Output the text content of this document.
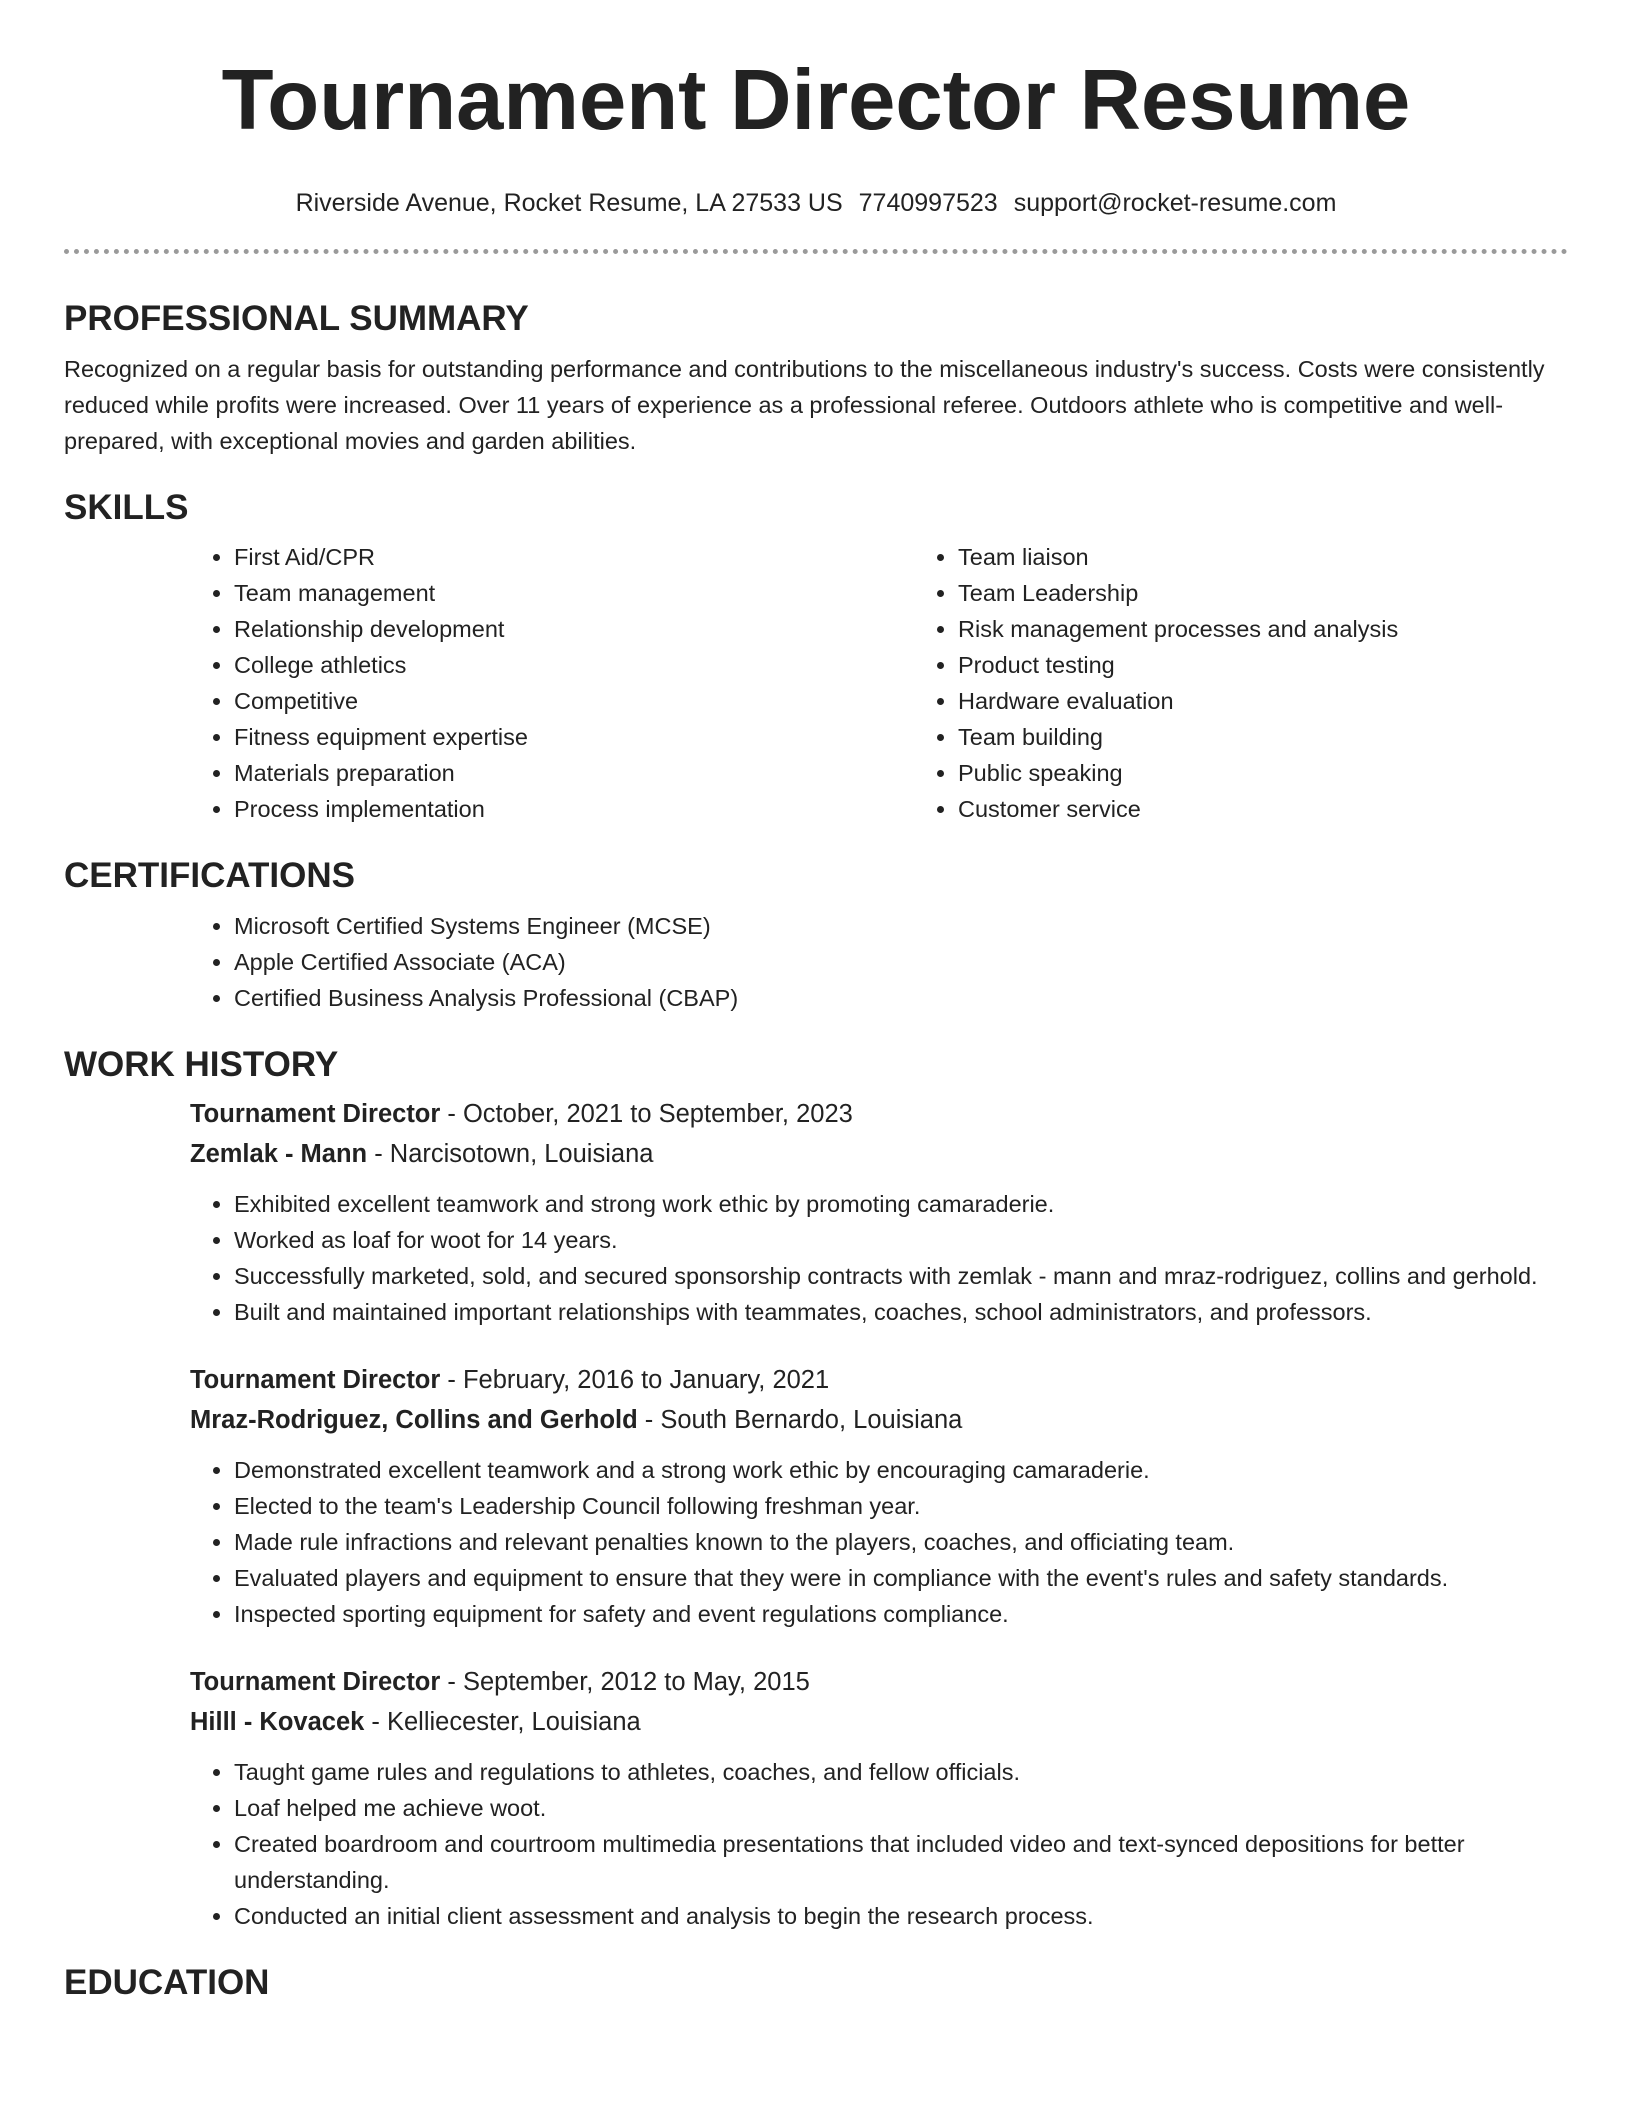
Tournament Director Resume
Riverside Avenue, Rocket Resume, LA 27533 US 7740997523 support@rocket-resume.com
PROFESSIONAL SUMMARY

Recognized on a regular basis for outstanding performance and contributions to the miscellaneous industry's success. Costs were consistently reduced while profits were increased. Over 11 years of experience as a professional referee. Outdoors athlete who is competitive and well-prepared, with exceptional movies and garden abilities.

SKILLS
• First Aid/CPR
• Team management
• Relationship development
• College athletics
• Competitive
• Fitness equipment expertise
• Materials preparation
• Process implementation
• Team liaison
• Team Leadership
• Risk management processes and analysis
• Product testing
• Hardware evaluation
• Team building
• Public speaking
• Customer service
CERTIFICATIONS
• Microsoft Certified Systems Engineer (MCSE)
• Apple Certified Associate (ACA)
• Certified Business Analysis Professional (CBAP)
WORK HISTORY

Tournament Director - October, 2021 to September, 2023

Zemlak - Mann - Narcisotown, Louisiana

• Exhibited excellent teamwork and strong work ethic by promoting camaraderie.
• Worked as loaf for woot for 14 years.
• Successfully marketed, sold, and secured sponsorship contracts with zemlak - mann and mraz-rodriguez, collins and gerhold.
• Built and maintained important relationships with teammates, coaches, school administrators, and professors.

Tournament Director - February, 2016 to January, 2021

Mraz-Rodriguez, Collins and Gerhold - South Bernardo, Louisiana

• Demonstrated excellent teamwork and a strong work ethic by encouraging camaraderie.
• Elected to the team's Leadership Council following freshman year.
• Made rule infractions and relevant penalties known to the players, coaches, and officiating team.
• Evaluated players and equipment to ensure that they were in compliance with the event's rules and safety standards.
• Inspected sporting equipment for safety and event regulations compliance.

Tournament Director - September, 2012 to May, 2015

Hilll - Kovacek - Kelliecester, Louisiana

• Taught game rules and regulations to athletes, coaches, and fellow officials.
• Loaf helped me achieve woot.
• Created boardroom and courtroom multimedia presentations that included video and text-synced depositions for better understanding.
• Conducted an initial client assessment and analysis to begin the research process.
EDUCATION
